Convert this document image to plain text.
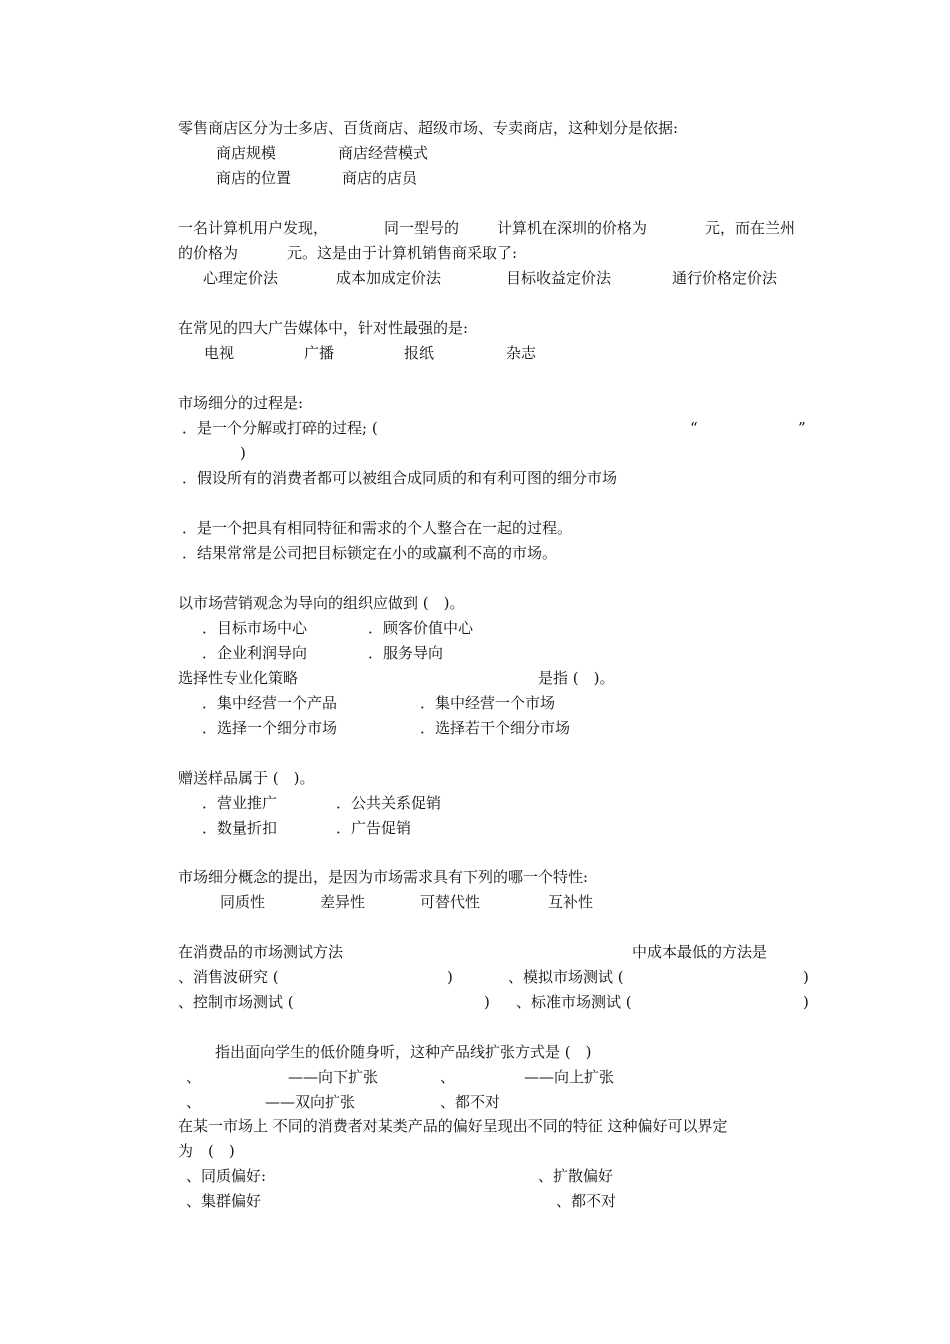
零售商店区分为士多店、百货商店、超级市场、专卖商店，这种划分是依据:
商店规模	商店经营模式
商店的位置	商店的店员
一名计算机用户发现，	同一型号的	计算机在深圳的价格为	元，而在兰州
的价格为	元。这是由于计算机销售商采取了:
心理定价法	成本加成定价法	目标收益定价法	通行价格定价法
在常见的四大广告媒体中，针对性最强的是:
电视	广播	报纸	杂志
市场细分的过程是:
．是一个分解或打碎的过程; (	“	”
)
．假设所有的消费者都可以被组合成同质的和有利可图的细分市场
．是一个把具有相同特征和需求的个人整合在一起的过程。
．结果常常是公司把目标锁定在小的或赢利不高的市场。
以市场营销观念为导向的组织应做到 (　)。
．目标市场中心	．顾客价值中心
．企业利润导向	．服务导向
选择性专业化策略	是指 (　)。
．集中经营一个产品	．集中经营一个市场
．选择一个细分市场	．选择若干个细分市场
赠送样品属于 (　)。
．营业推广	．公共关系促销
．数量折扣	．广告促销
市场细分概念的提出，是因为市场需求具有下列的哪一个特性:
同质性	差异性	可替代性	互补性
在消费品的市场测试方法	中成本最低的方法是
、消售波研究 (	)	、模拟市场测试 (	)
、控制市场测试 (	) 、标准市场测试 (	)
指出面向学生的低价随身听，这种产品线扩张方式是 (　)
、	——向下扩张	、	——向上扩张
、	——双向扩张	、都不对
在某一市场上 不同的消费者对某类产品的偏好呈现出不同的特征 这种偏好可以界定
为　(　)
、同质偏好:	、扩散偏好
、集群偏好	、都不对
